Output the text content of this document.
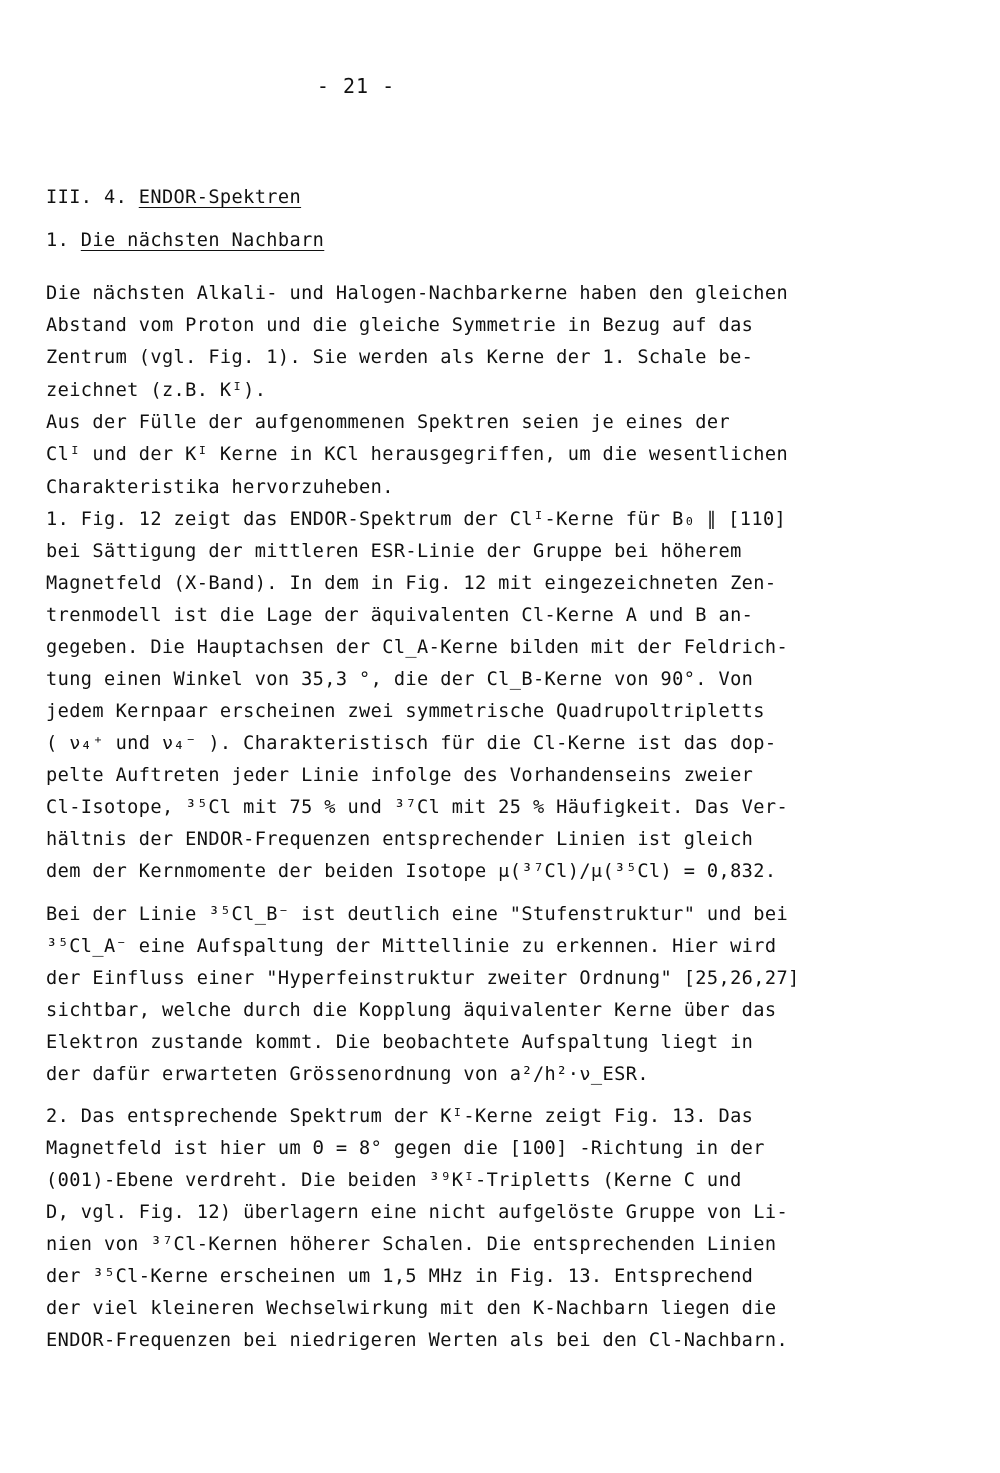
- 21 -

III. 4. ENDOR-Spektren

1. Die nächsten Nachbarn

Die nächsten Alkali- und Halogen-Nachbarkerne haben den gleichen

Abstand vom Proton und die gleiche Symmetrie in Bezug auf das

Zentrum (vgl. Fig. 1). Sie werden als Kerne der 1. Schale be-

zeichnet (z.B. Kᴵ).

Aus der Fülle der aufgenommenen Spektren seien je eines der

Clᴵ und der Kᴵ Kerne in KCl herausgegriffen, um die wesentlichen

Charakteristika hervorzuheben.

1. Fig. 12 zeigt das ENDOR-Spektrum der Clᴵ-Kerne für B₀ ∥ [110]

bei Sättigung der mittleren ESR-Linie der Gruppe bei höherem

Magnetfeld (X-Band). In dem in Fig. 12 mit eingezeichneten Zen-

trenmodell ist die Lage der äquivalenten Cl-Kerne A und B an-

gegeben. Die Hauptachsen der Cl_A-Kerne bilden mit der Feldrich-

tung einen Winkel von 35,3 °, die der Cl_B-Kerne von 90°. Von

jedem Kernpaar erscheinen zwei symmetrische Quadrupoltripletts

( ν₄⁺ und ν₄⁻ ). Charakteristisch für die Cl-Kerne ist das dop-

pelte Auftreten jeder Linie infolge des Vorhandenseins zweier

Cl-Isotope, ³⁵Cl mit 75 % und ³⁷Cl mit 25 % Häufigkeit. Das Ver-

hältnis der ENDOR-Frequenzen entsprechender Linien ist gleich

dem der Kernmomente der beiden Isotope μ(³⁷Cl)/μ(³⁵Cl) = 0,832.

Bei der Linie ³⁵Cl_B⁻ ist deutlich eine "Stufenstruktur" und bei

³⁵Cl_A⁻ eine Aufspaltung der Mittellinie zu erkennen. Hier wird

der Einfluss einer "Hyperfeinstruktur zweiter Ordnung" [25,26,27]

sichtbar, welche durch die Kopplung äquivalenter Kerne über das

Elektron zustande kommt. Die beobachtete Aufspaltung liegt in

der dafür erwarteten Grössenordnung von a²/h²·ν_ESR.

2. Das entsprechende Spektrum der Kᴵ-Kerne zeigt Fig. 13. Das

Magnetfeld ist hier um Θ = 8° gegen die [100] -Richtung in der

(001)-Ebene verdreht. Die beiden ³⁹Kᴵ-Tripletts (Kerne C und

D, vgl. Fig. 12) überlagern eine nicht aufgelöste Gruppe von Li-

nien von ³⁷Cl-Kernen höherer Schalen. Die entsprechenden Linien

der ³⁵Cl-Kerne erscheinen um 1,5 MHz in Fig. 13. Entsprechend

der viel kleineren Wechselwirkung mit den K-Nachbarn liegen die

ENDOR-Frequenzen bei niedrigeren Werten als bei den Cl-Nachbarn.
